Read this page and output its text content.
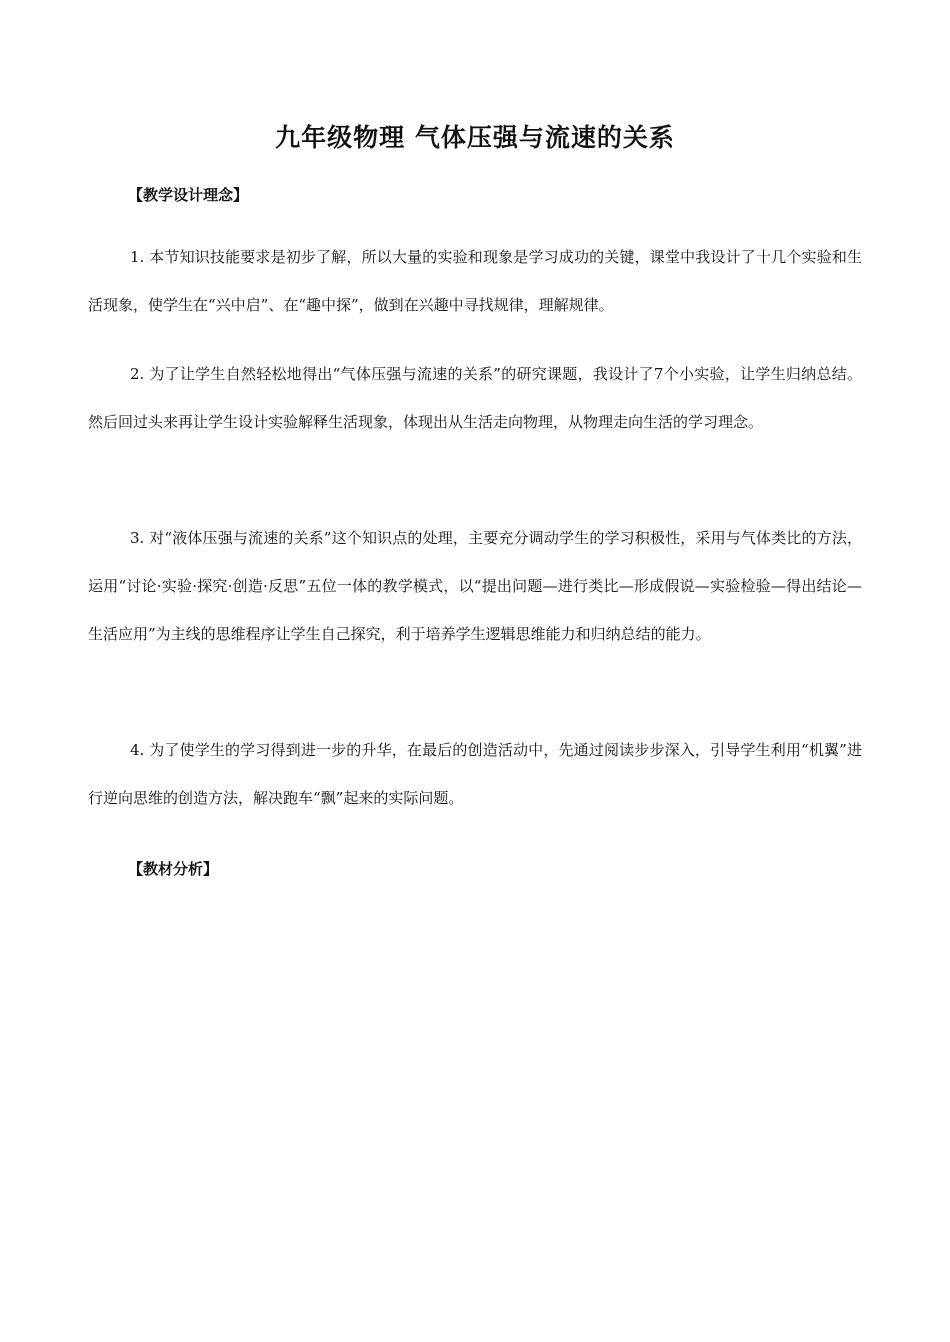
九年级物理 气体压强与流速的关系
【教学设计理念】

1. 本节知识技能要求是初步了解，所以大量的实验和现象是学习成功的关键，课堂中我设计了十几个实验和生活现象，使学生在“兴中启”、在“趣中探”，做到在兴趣中寻找规律，理解规律。

2. 为了让学生自然轻松地得出“气体压强与流速的关系”的研究课题，我设计了7个小实验，让学生归纳总结。然后回过头来再让学生设计实验解释生活现象，体现出从生活走向物理，从物理走向生活的学习理念。

3. 对“液体压强与流速的关系”这个知识点的处理，主要充分调动学生的学习积极性，采用与气体类比的方法，运用“讨论·实验·探究·创造·反思”五位一体的教学模式，以“提出问题—进行类比—形成假说—实验检验—得出结论—生活应用”为主线的思维程序让学生自己探究，利于培养学生逻辑思维能力和归纳总结的能力。

4. 为了使学生的学习得到进一步的升华，在最后的创造活动中，先通过阅读步步深入，引导学生利用“机翼”进行逆向思维的创造方法，解决跑车“飘”起来的实际问题。

【教材分析】
